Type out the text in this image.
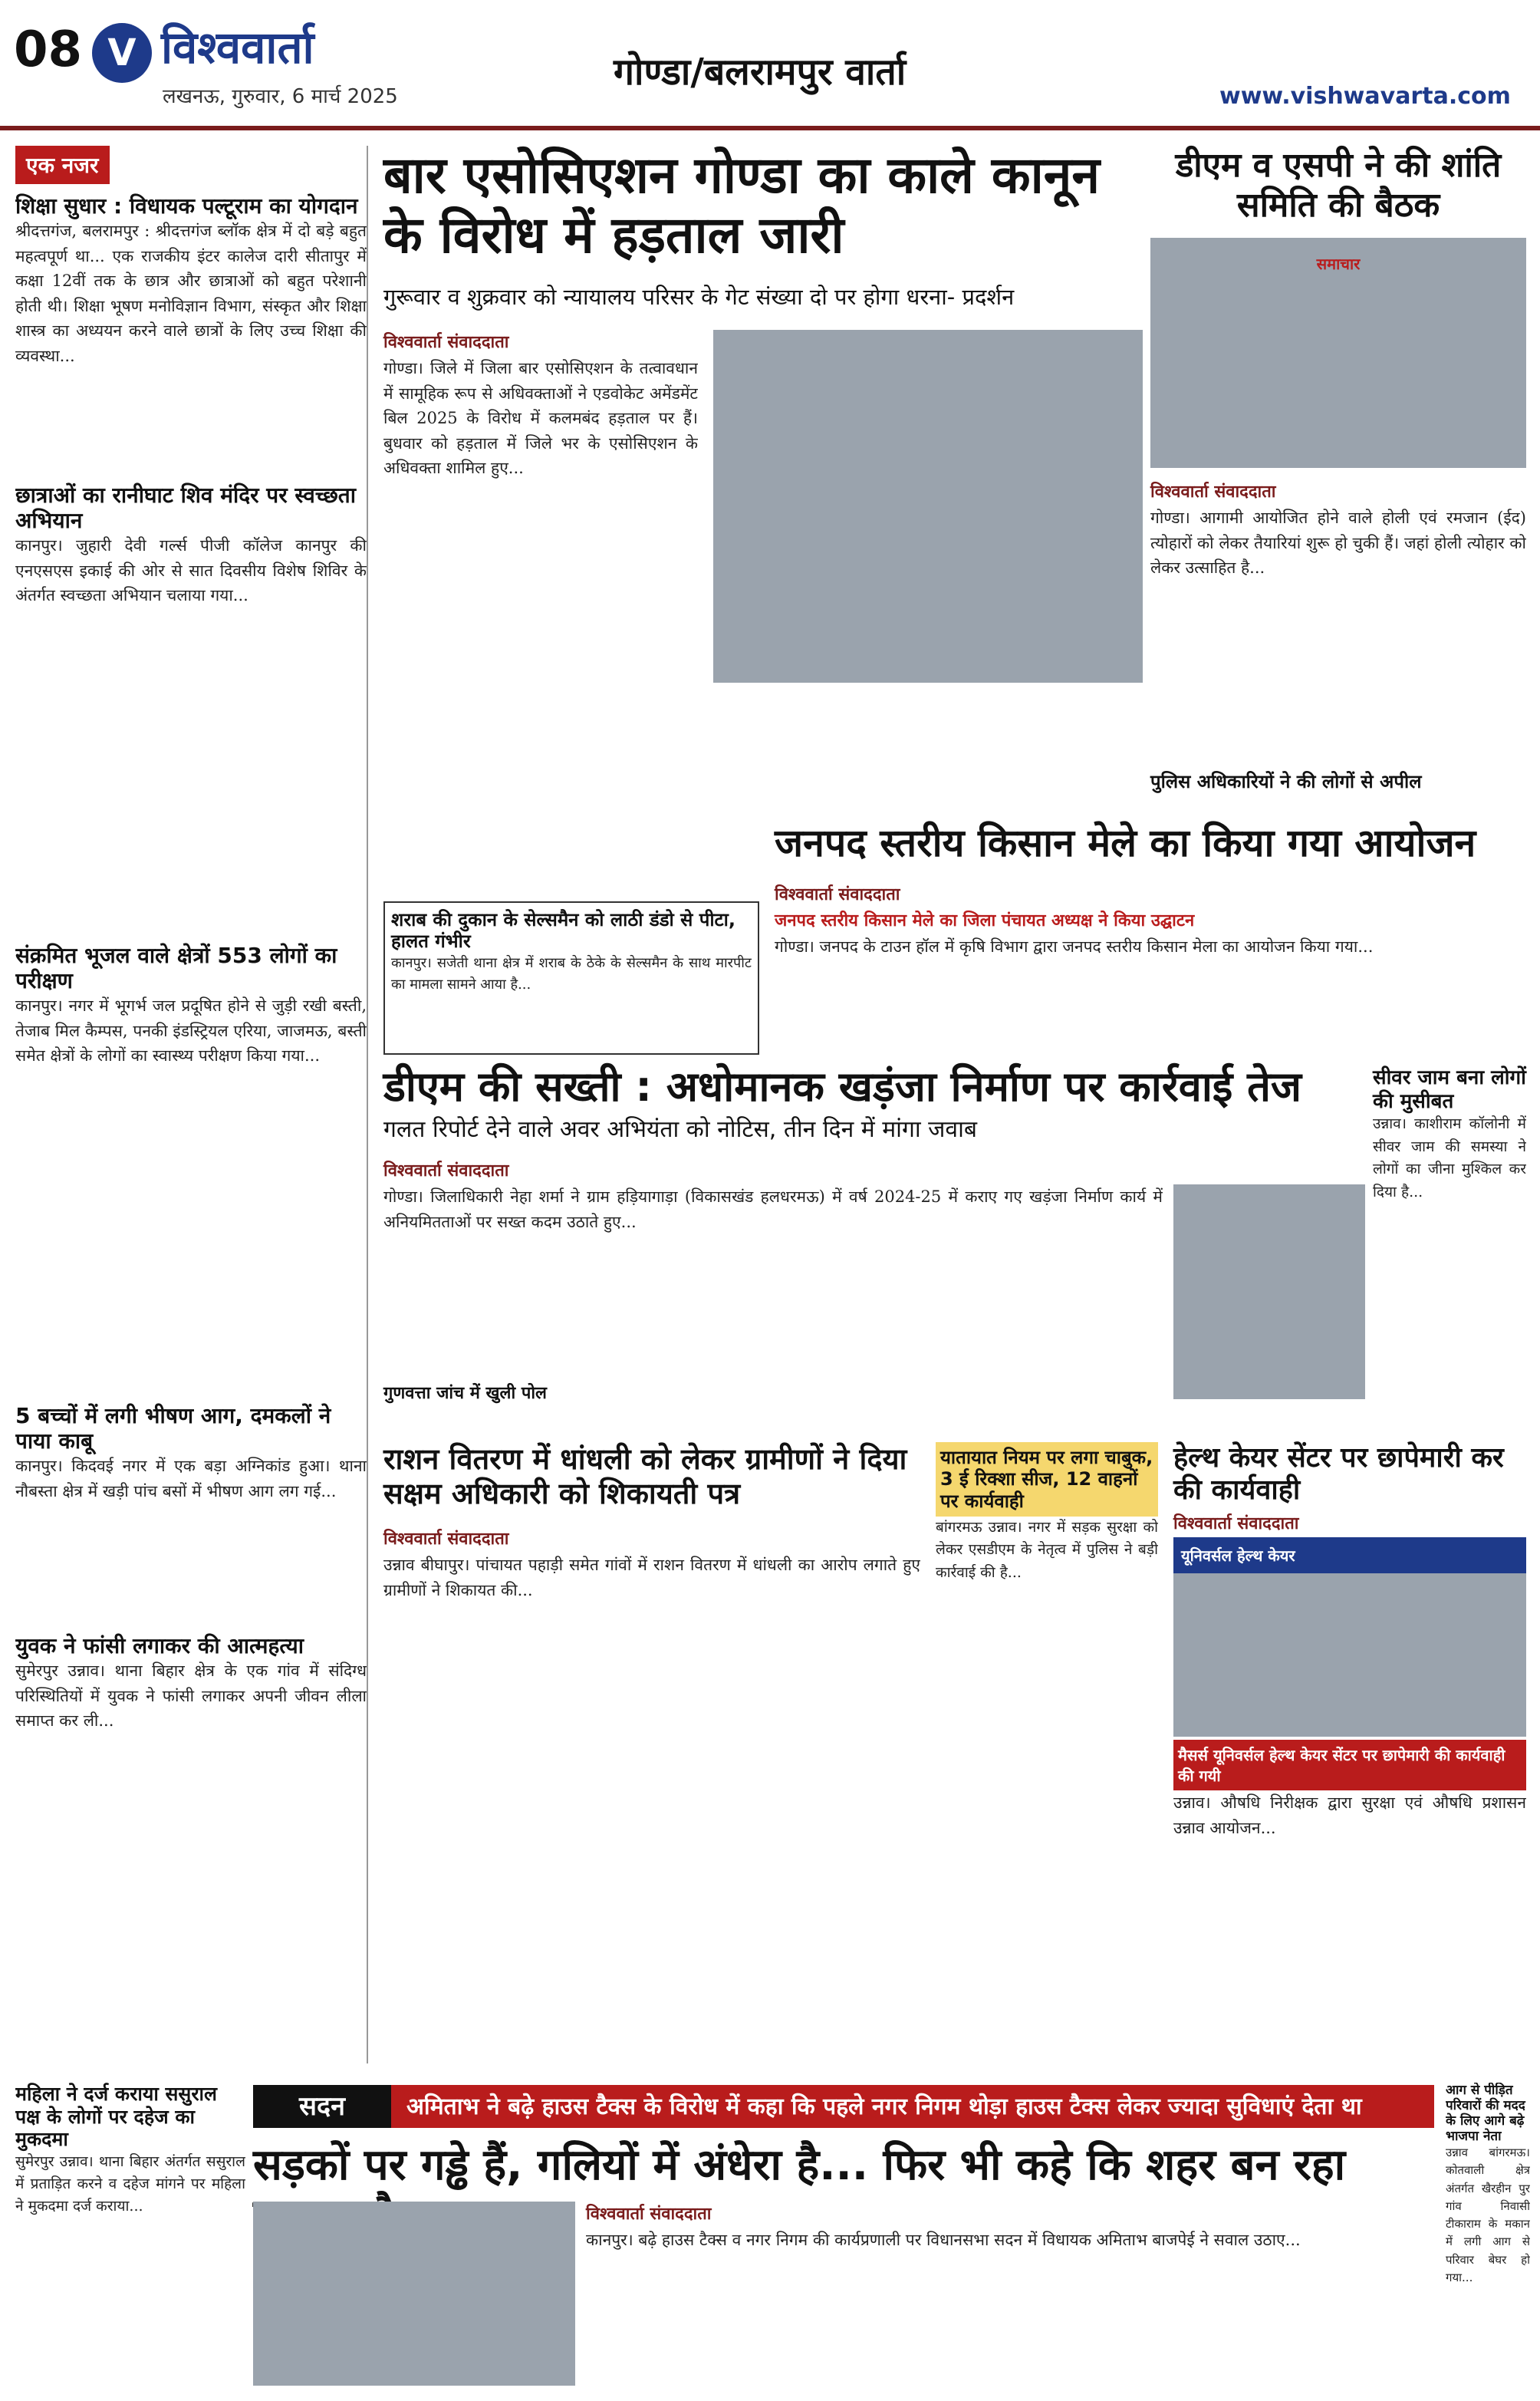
08 V विश्ववार्ता
लखनऊ, गुरुवार, 6 मार्च 2025
गोण्डा/बलरामपुर वार्ता
www.vishwavarta.com
एक नजर
शिक्षा सुधार : विधायक पल्टूराम का योगदान

श्रीदत्तगंज, बलरामपुर : श्रीदत्तगंज ब्लॉक क्षेत्र में दो बड़े बहुत महत्वपूर्ण था... एक राजकीय इंटर कालेज दारी सीतापुर में कक्षा 12वीं तक के छात्र और छात्राओं को बहुत परेशानी होती थी। शिक्षा भूषण मनोविज्ञान विभाग, संस्कृत और शिक्षा शास्त्र का अध्ययन करने वाले छात्रों के लिए उच्च शिक्षा की व्यवस्था...

छात्राओं का रानीघाट शिव मंदिर पर स्वच्छता अभियान

कानपुर। जुहारी देवी गर्ल्स पीजी कॉलेज कानपुर की एनएसएस इकाई की ओर से सात दिवसीय विशेष शिविर के अंतर्गत स्वच्छता अभियान चलाया गया...

संक्रमित भूजल वाले क्षेत्रों 553 लोगों का परीक्षण

कानपुर। नगर में भूगर्भ जल प्रदूषित होने से जुड़ी रखी बस्ती, तेजाब मिल कैम्पस, पनकी इंडस्ट्रियल एरिया, जाजमऊ, बस्ती समेत क्षेत्रों के लोगों का स्वास्थ्य परीक्षण किया गया...

5 बच्चों में लगी भीषण आग, दमकलों ने पाया काबू

कानपुर। किदवई नगर में एक बड़ा अग्निकांड हुआ। थाना नौबस्ता क्षेत्र में खड़ी पांच बसों में भीषण आग लग गई...

युवक ने फांसी लगाकर की आत्महत्या

सुमेरपुर उन्नाव। थाना बिहार क्षेत्र के एक गांव में संदिग्ध परिस्थितियों में युवक ने फांसी लगाकर अपनी जीवन लीला समाप्त कर ली...

बार एसोसिएशन गोण्डा का काले कानून के विरोध में हड़ताल जारी
गुरूवार व शुक्रवार को न्यायालय परिसर के गेट संख्या दो पर होगा धरना- प्रदर्शन
विश्ववार्ता संवाददाता

गोण्डा। जिले में जिला बार एसोसिएशन के तत्वावधान में सामूहिक रूप से अधिवक्ताओं ने एडवोकेट अमेंडमेंट बिल 2025 के विरोध में कलमबंद हड़ताल पर हैं। बुधवार को हड़ताल में जिले भर के एसोसिएशन के अधिवक्ता शामिल हुए...

डीएम व एसपी ने की शांति समिति की बैठक
समाचार
विश्ववार्ता संवाददाता

गोण्डा। आगामी आयोजित होने वाले होली एवं रमजान (ईद) त्योहारों को लेकर तैयारियां शुरू हो चुकी हैं। जहां होली त्योहार को लेकर उत्साहित है...

पुलिस अधिकारियों ने की लोगों से अपील
शराब की दुकान के सेल्समैन को लाठी डंडो से पीटा, हालत गंभीर

कानपुर। सजेती थाना क्षेत्र में शराब के ठेके के सेल्समैन के साथ मारपीट का मामला सामने आया है...

जनपद स्तरीय किसान मेले का किया गया आयोजन
विश्ववार्ता संवाददाता
जनपद स्तरीय किसान मेले का जिला पंचायत अध्यक्ष ने किया उद्घाटन

गोण्डा। जनपद के टाउन हॉल में कृषि विभाग द्वारा जनपद स्तरीय किसान मेला का आयोजन किया गया...

डीएम की सख्ती : अधोमानक खड़ंजा निर्माण पर कार्रवाई तेज
गलत रिपोर्ट देने वाले अवर अभियंता को नोटिस, तीन दिन में मांगा जवाब
विश्ववार्ता संवाददाता

गोण्डा। जिलाधिकारी नेहा शर्मा ने ग्राम हड़ियागाड़ा (विकासखंड हलधरमऊ) में वर्ष 2024-25 में कराए गए खड़ंजा निर्माण कार्य में अनियमितताओं पर सख्त कदम उठाते हुए...

गुणवत्ता जांच में खुली पोल
सीवर जाम बना लोगों की मुसीबत

उन्नाव। काशीराम कॉलोनी में सीवर जाम की समस्या ने लोगों का जीना मुश्किल कर दिया है...

राशन वितरण में धांधली को लेकर ग्रामीणों ने दिया सक्षम अधिकारी को शिकायती पत्र
विश्ववार्ता संवाददाता

उन्नाव बीघापुर। पांचायत पहाड़ी समेत गांवों में राशन वितरण में धांधली का आरोप लगाते हुए ग्रामीणों ने शिकायत की...

यातायात नियम पर लगा चाबुक, 3 ई रिक्शा सीज, 12 वाहनों पर कार्यवाही

बांगरमऊ उन्नाव। नगर में सड़क सुरक्षा को लेकर एसडीएम के नेतृत्व में पुलिस ने बड़ी कार्रवाई की है...

हेल्थ केयर सेंटर पर छापेमारी कर की कार्यवाही
विश्ववार्ता संवाददाता
यूनिवर्सल हेल्थ केयर
मैसर्स यूनिवर्सल हेल्थ केयर सेंटर पर छापेमारी की कार्यवाही की गयी

उन्नाव। औषधि निरीक्षक द्वारा सुरक्षा एवं औषधि प्रशासन उन्नाव आयोजन...

महिला ने दर्ज कराया ससुराल पक्ष के लोगों पर दहेज का मुकदमा

सुमेरपुर उन्नाव। थाना बिहार अंतर्गत ससुराल में प्रताड़ित करने व दहेज मांगने पर महिला ने मुकदमा दर्ज कराया...

सदन	अमिताभ ने बढ़े हाउस टैक्स के विरोध में कहा कि पहले नगर निगम थोड़ा हाउस टैक्स लेकर ज्यादा सुविधाएं देता था
सड़कों पर गड्ढे हैं, गलियों में अंधेरा है... फिर भी कहे कि शहर बन रहा
विश्ववार्ता संवाददाता

कानपुर। बढ़े हाउस टैक्स व नगर निगम की कार्यप्रणाली पर विधानसभा सदन में विधायक अमिताभ बाजपेई ने सवाल उठाए...

आग से पीड़ित परिवारों की मदद के लिए आगे बढ़े भाजपा नेता

उन्नाव बांगरमऊ। कोतवाली क्षेत्र अंतर्गत खैरहीन पुर गांव निवासी टीकाराम के मकान में लगी आग से परिवार बेघर हो गया...
